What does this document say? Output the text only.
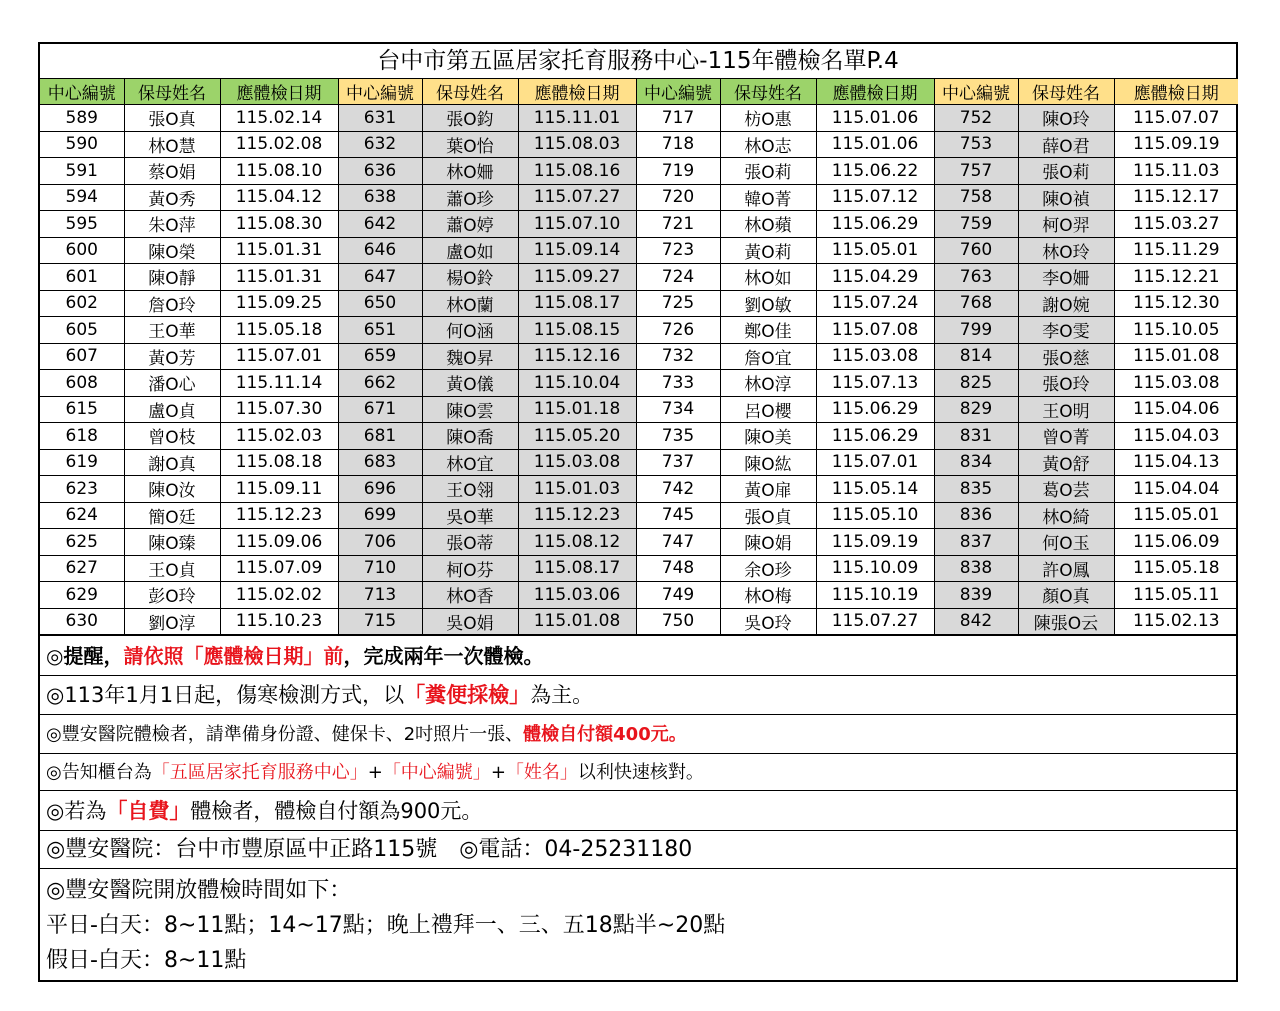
台中市第五區居家托育服務中心-115年體檢名單P.4
中心編號	保母姓名	應體檢日期	中心編號	保母姓名	應體檢日期	中心編號	保母姓名	應體檢日期	中心編號	保母姓名	應體檢日期
589	張O真	115.02.14	631	張O鈞	115.11.01	717	枋O惠	115.01.06	752	陳O玲	115.07.07
590	林O慧	115.02.08	632	葉O怡	115.08.03	718	林O志	115.01.06	753	薛O君	115.09.19
591	蔡O娟	115.08.10	636	林O姍	115.08.16	719	張O莉	115.06.22	757	張O莉	115.11.03
594	黃O秀	115.04.12	638	蕭O珍	115.07.27	720	韓O菁	115.07.12	758	陳O禎	115.12.17
595	朱O萍	115.08.30	642	蕭O婷	115.07.10	721	林O蘋	115.06.29	759	柯O羿	115.03.27
600	陳O榮	115.01.31	646	盧O如	115.09.14	723	黃O莉	115.05.01	760	林O玲	115.11.29
601	陳O靜	115.01.31	647	楊O鈴	115.09.27	724	林O如	115.04.29	763	李O姍	115.12.21
602	詹O玲	115.09.25	650	林O蘭	115.08.17	725	劉O敏	115.07.24	768	謝O婉	115.12.30
605	王O華	115.05.18	651	何O涵	115.08.15	726	鄭O佳	115.07.08	799	李O雯	115.10.05
607	黃O芳	115.07.01	659	魏O昇	115.12.16	732	詹O宜	115.03.08	814	張O慈	115.01.08
608	潘O心	115.11.14	662	黃O儀	115.10.04	733	林O淳	115.07.13	825	張O玲	115.03.08
615	盧O貞	115.07.30	671	陳O雲	115.01.18	734	呂O櫻	115.06.29	829	王O明	115.04.06
618	曾O枝	115.02.03	681	陳O喬	115.05.20	735	陳O美	115.06.29	831	曾O菁	115.04.03
619	謝O真	115.08.18	683	林O宜	115.03.08	737	陳O紘	115.07.01	834	黃O舒	115.04.13
623	陳O汝	115.09.11	696	王O翎	115.01.03	742	黃O扉	115.05.14	835	葛O芸	115.04.04
624	簡O廷	115.12.23	699	吳O華	115.12.23	745	張O貞	115.05.10	836	林O綺	115.05.01
625	陳O臻	115.09.06	706	張O蒂	115.08.12	747	陳O娟	115.09.19	837	何O玉	115.06.09
627	王O貞	115.07.09	710	柯O芬	115.08.17	748	余O珍	115.10.09	838	許O鳳	115.05.18
629	彭O玲	115.02.02	713	林O香	115.03.06	749	林O梅	115.10.19	839	顏O真	115.05.11
630	劉O淳	115.10.23	715	吳O娟	115.01.08	750	吳O玲	115.07.27	842	陳張O云	115.02.13
◎提醒，請依照「應體檢日期」前，完成兩年一次體檢。
◎113年1月1日起，傷寒檢測方式，以「糞便採檢」為主。
◎豐安醫院體檢者，請準備身份證、健保卡、2吋照片一張、體檢自付額400元。
◎告知櫃台為「五區居家托育服務中心」+「中心編號」+「姓名」以利快速核對。
◎若為「自費」體檢者，體檢自付額為900元。
◎豐安醫院：台中市豐原區中正路115號　◎電話：04-25231180
◎豐安醫院開放體檢時間如下：
平日-白天：8~11點；14~17點；晚上禮拜一、三、五18點半~20點
假日-白天：8~11點
